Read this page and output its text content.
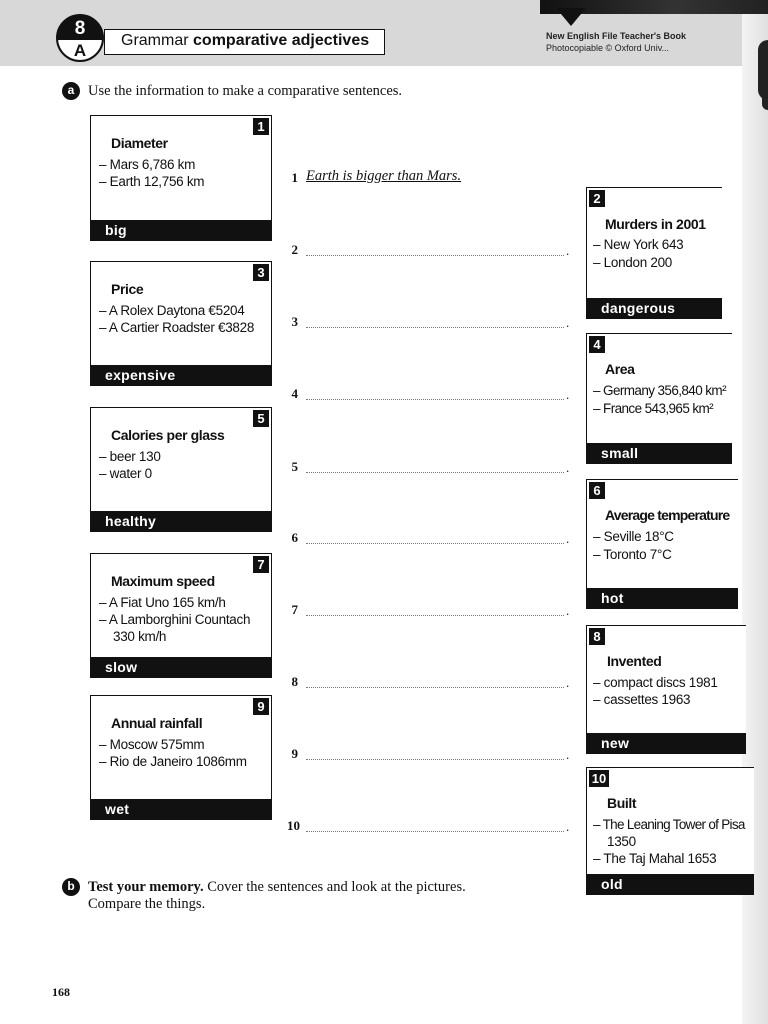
8
A
Grammar comparative adjectives	New English File Teacher's Book
Photocopiable © Oxford Univ...
a Use the information to make a comparative sentences.
1
Diameter
– Mars 6,786 km
– Earth 12,756 km
big
3
Price
– A Rolex Daytona €5204
– A Cartier Roadster €3828
expensive
5
Calories per glass
– beer 130
– water 0
healthy
7
Maximum speed
– A Fiat Uno 165 km/h
– A Lamborghini Countach
330 km/h
slow
9
Annual rainfall
– Moscow 575mm
– Rio de Janeiro 1086mm
wet
2
Murders in 2001
– New York 643
– London 200
dangerous
4
Area
– Germany 356,840 km²
– France 543,965 km²
small
6
Average temperature
– Seville 18°C
– Toronto 7°C
hot
8
Invented
– compact discs 1981
– cassettes 1963
new
10
Built
– The Leaning Tower of Pisa
1350
– The Taj Mahal 1653
old
1 Earth is bigger than Mars.
2	.
3	.
4	.
5	.
6	.
7	.
8	.
9	.
10	.
b Test your memory. Cover the sentences and look at the pictures.
Compare the things.
168
